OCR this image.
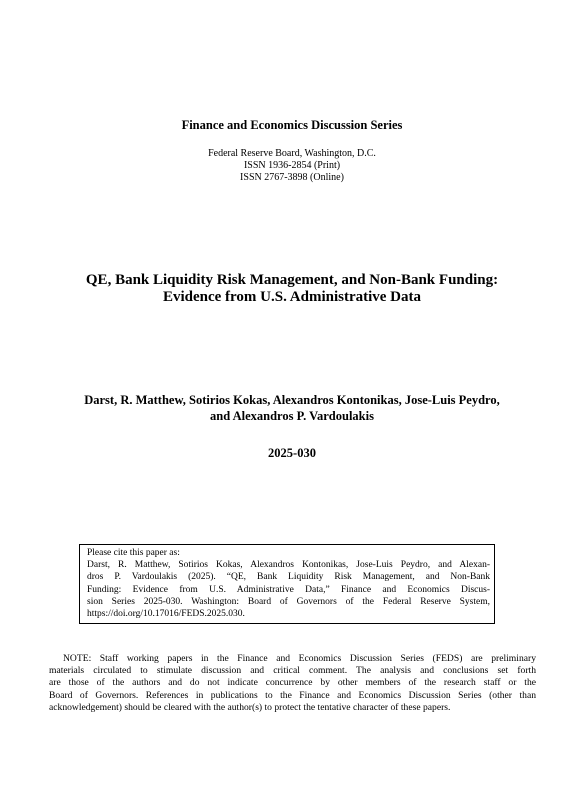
Finance and Economics Discussion Series
Federal Reserve Board, Washington, D.C.
ISSN 1936-2854 (Print)
ISSN 2767-3898 (Online)
QE, Bank Liquidity Risk Management, and Non-Bank Funding:
Evidence from U.S. Administrative Data
Darst, R. Matthew, Sotirios Kokas, Alexandros Kontonikas, Jose-Luis Peydro,
and Alexandros P. Vardoulakis
2025-030
Please cite this paper as:
Darst, R. Matthew, Sotirios Kokas, Alexandros Kontonikas, Jose-Luis Peydro, and Alexan-
dros P. Vardoulakis (2025). “QE, Bank Liquidity Risk Management, and Non-Bank
Funding: Evidence from U.S. Administrative Data,” Finance and Economics Discus-
sion Series 2025-030. Washington: Board of Governors of the Federal Reserve System,
https://doi.org/10.17016/FEDS.2025.030.
NOTE: Staff working papers in the Finance and Economics Discussion Series (FEDS) are preliminary
materials circulated to stimulate discussion and critical comment. The analysis and conclusions set forth
are those of the authors and do not indicate concurrence by other members of the research staff or the
Board of Governors. References in publications to the Finance and Economics Discussion Series (other than
acknowledgement) should be cleared with the author(s) to protect the tentative character of these papers.
